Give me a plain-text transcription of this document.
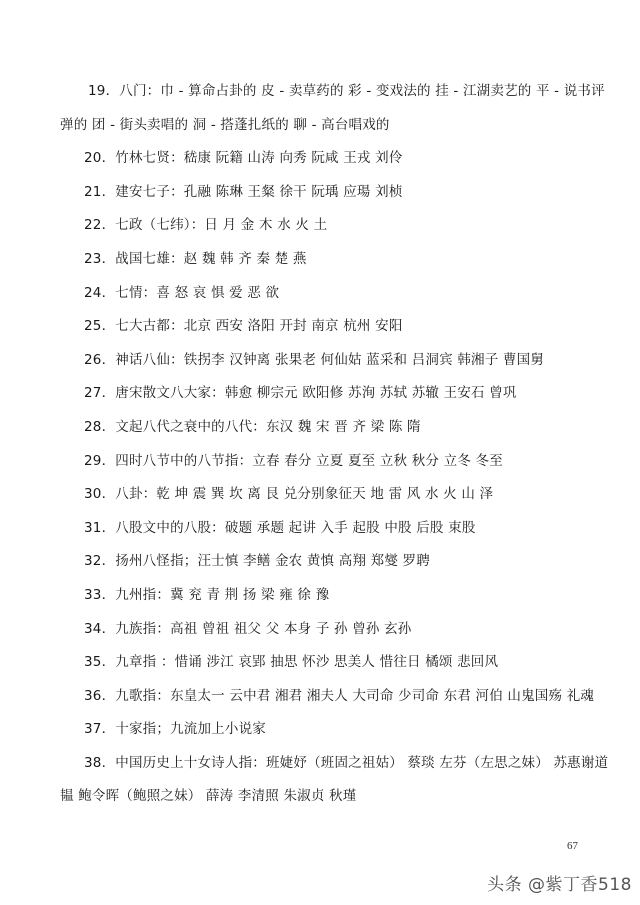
19．八门：巾 - 算命占卦的 皮 - 卖草药的 彩 - 变戏法的 挂 - 江湖卖艺的 平 - 说书评
弹的 团 - 街头卖唱的 洞 - 搭蓬扎纸的 聊 - 高台唱戏的
20．竹林七贤：嵇康 阮籍 山涛 向秀 阮咸 王戎 刘伶
21．建安七子：孔融 陈琳 王粲 徐干 阮瑀 应瑒 刘桢
22．七政（七纬）：日 月 金 木 水 火 土
23．战国七雄：赵 魏 韩 齐 秦 楚 燕
24．七情：喜 怒 哀 惧 爱 恶 欲
25．七大古都：北京 西安 洛阳 开封 南京 杭州 安阳
26．神话八仙：铁拐李 汉钟离 张果老 何仙姑 蓝采和 吕洞宾 韩湘子 曹国舅
27．唐宋散文八大家：韩愈 柳宗元 欧阳修 苏洵 苏轼 苏辙 王安石 曾巩
28．文起八代之衰中的八代：东汉 魏 宋 晋 齐 梁 陈 隋
29．四时八节中的八节指：立春 春分 立夏 夏至 立秋 秋分 立冬 冬至
30．八卦：乾 坤 震 巽 坎 离 艮 兑分别象征天 地 雷 风 水 火 山 泽
31．八股文中的八股：破题 承题 起讲 入手 起股 中股 后股 束股
32．扬州八怪指；汪士慎 李鳝 金农 黄慎 高翔 郑燮 罗聘
33．九州指：冀 兖 青 荆 扬 梁 雍 徐 豫
34．九族指：高祖 曾祖 祖父 父 本身 子 孙 曾孙 玄孙
35．九章指 ：惜诵 涉江 哀郢 抽思 怀沙 思美人 惜往日 橘颂 悲回风
36．九歌指：东皇太一 云中君 湘君 湘夫人 大司命 少司命 东君 河伯 山鬼国殇 礼魂
37．十家指；九流加上小说家
38．中国历史上十女诗人指：班婕妤（班固之祖姑） 蔡琰 左芬（左思之妹） 苏惠谢道
韫 鲍令晖（鲍照之妹） 薛涛 李清照 朱淑贞 秋瑾
67
头条 @紫丁香518
